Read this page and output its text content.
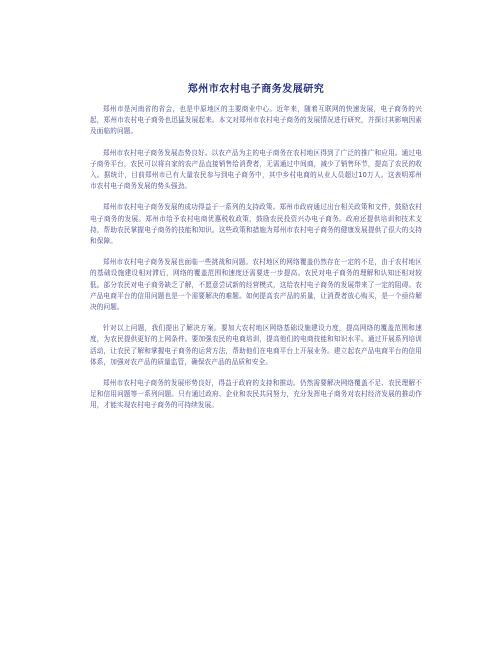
郑州市农村电子商务发展研究

郑州市是河南省的省会，也是中原地区的主要商业中心。近年来，随着互联网的快速发展，电子商务的兴起，郑州市农村电子商务也迅猛发展起来。本文对郑州市农村电子商务的发展情况进行研究，并探讨其影响因素及面临的问题。

郑州市农村电子商务发展态势良好。以农产品为主的电子商务在农村地区得到了广泛的推广和应用。通过电子商务平台，农民可以将自家的农产品直接销售给消费者，无需通过中间商，减少了销售环节，提高了农民的收入。据统计，目前郑州市已有大量农民参与到电子商务中，其中乡村电商的从业人员超过10万人。这表明郑州市农村电子商务发展的势头强劲。

郑州市农村电子商务发展的成功得益于一系列的支持政策。郑州市政府通过出台相关政策和文件，鼓励农村电子商务的发展。郑州市给予农村电商优惠税收政策，鼓励农民投资兴办电子商务。政府还提供培训和技术支持，帮助农民掌握电子商务的技能和知识。这些政策和措施为郑州市农村电子商务的健康发展提供了很大的支持和保障。

郑州市农村电子商务发展也面临一些挑战和问题。农村地区的网络覆盖仍然存在一定的不足，由于农村地区的基础设施建设相对滞后，网络的覆盖范围和速度还需要进一步提高。农民对电子商务的理解和认知还相对较低。部分农民对电子商务缺乏了解，不愿意尝试新的经营模式，这给农村电子商务的发展带来了一定的阻碍。农产品电商平台的信用问题也是一个需要解决的难题。如何提高农产品的质量，让消费者放心购买，是一个亟待解决的问题。

针对以上问题，我们提出了解决方案。要加大农村地区网络基础设施建设力度，提高网络的覆盖范围和速度，为农民提供更好的上网条件。要加强农民的电商培训，提高他们的电商技能和知识水平。通过开展系列培训活动，让农民了解和掌握电子商务的运营方法，帮助他们在电商平台上开展业务。建立起农产品电商平台的信用体系，加强对农产品的质量监管，确保农产品的品质和安全。

郑州市农村电子商务的发展形势良好，得益于政府的支持和推动。仍然需要解决网络覆盖不足、农民理解不足和信用问题等一系列问题。只有通过政府、企业和农民共同努力，充分发挥电子商务对农村经济发展的推动作用，才能实现农村电子商务的可持续发展。
